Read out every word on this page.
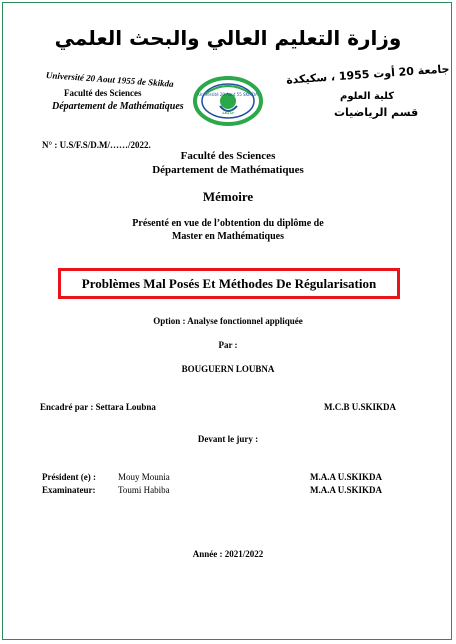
وزارة التعليم العالي والبحث العلمي
Université 20 Aout 1955 de Skikda
Faculté des Sciences
Département de Mathématiques
جامعة 20 أوت 1955 ، سكيكدة
كلية العلوم
قسم الرياضيات
Université 20 Aout 55 SKIKDA
جامعة
N° : U.S/F.S/D.M/……/2022.
Faculté des Sciences
Département de Mathématiques
Mémoire
Présenté en vue de l’obtention du diplôme de
Master en Mathématiques
Problèmes Mal Posés Et Méthodes De Régularisation
Option : Analyse fonctionnel appliquée
Par :
BOUGUERN LOUBNA
Encadré par : Settara Loubna	M.C.B U.SKIKDA
Devant le jury :
Président (e) : Mouy Mounia	M.A.A U.SKIKDA
Examinateur:	Toumi Habiba	M.A.A U.SKIKDA
Année : 2021/2022
